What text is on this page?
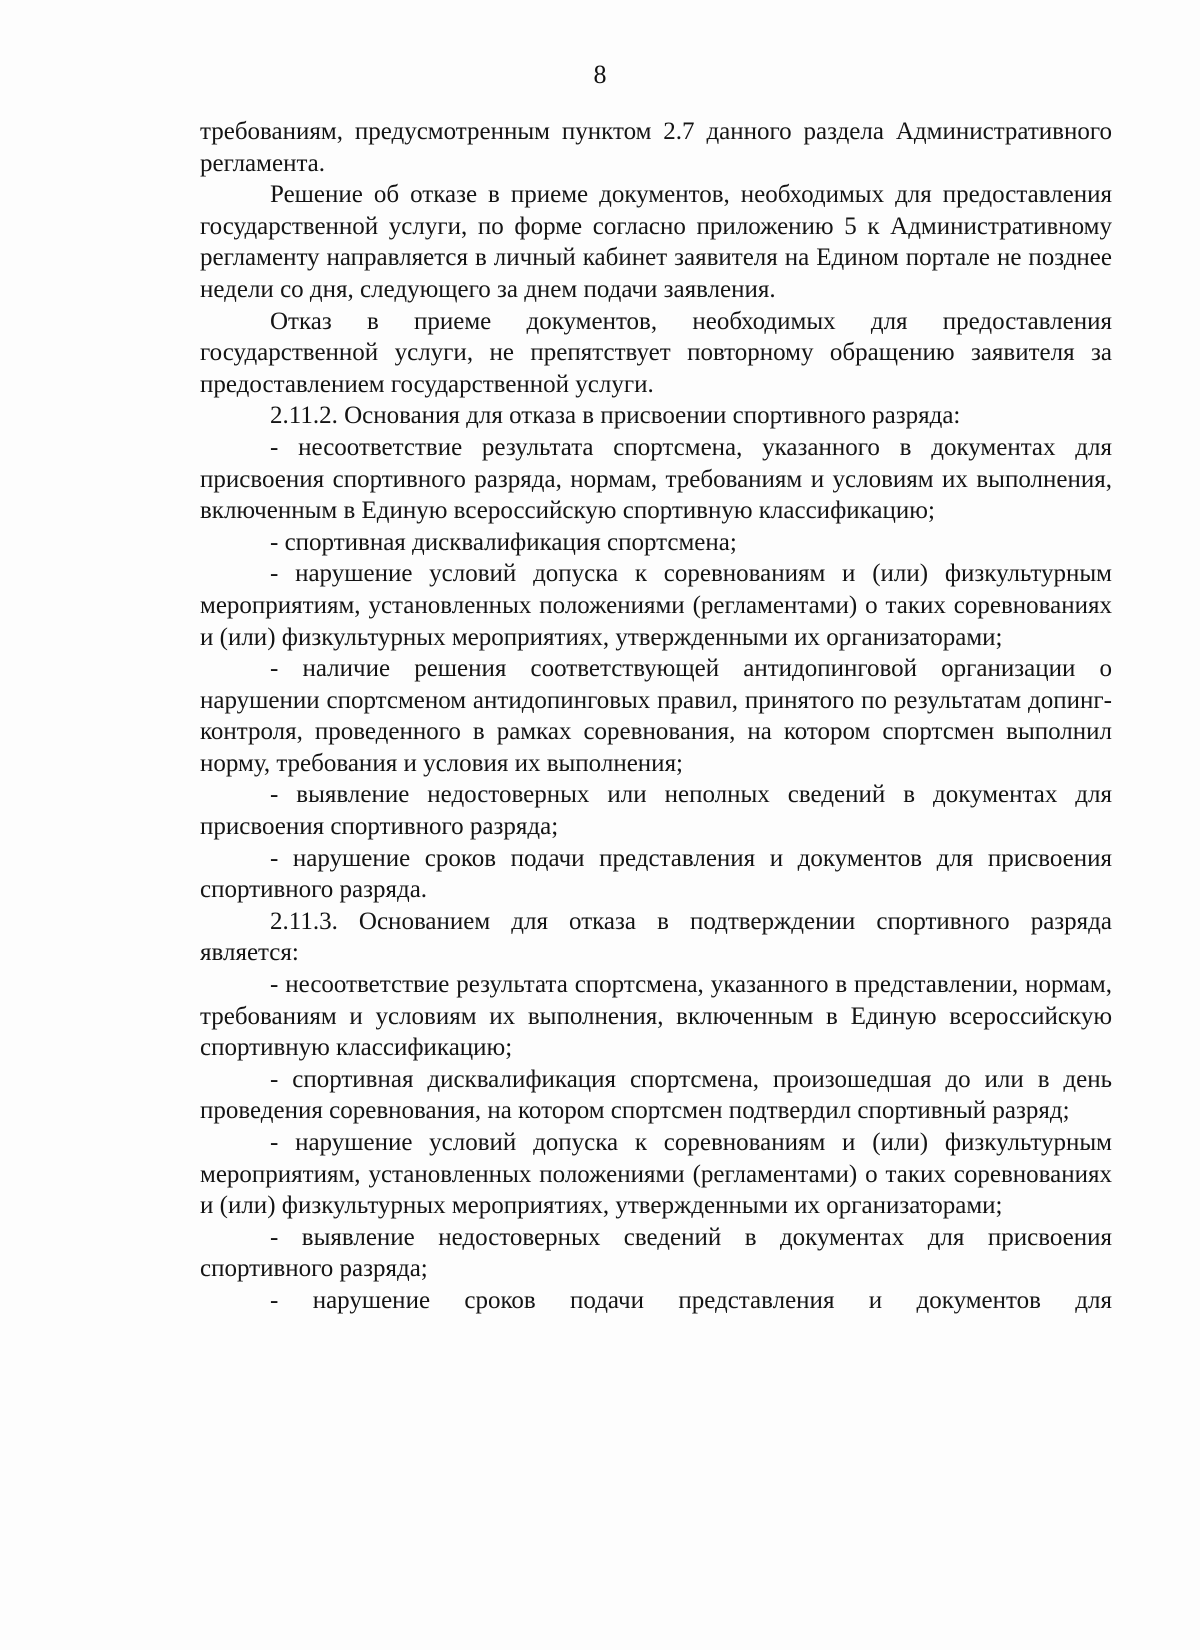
8

требованиям, предусмотренным пунктом 2.7 данного раздела Административного регламента.

Решение об отказе в приеме документов, необходимых для предоставления государственной услуги, по форме согласно приложению 5 к Административному регламенту направляется в личный кабинет заявителя на Едином портале не позднее недели со дня, следующего за днем подачи заявления.

Отказ в приеме документов, необходимых для предоставления государственной услуги, не препятствует повторному обращению заявителя за предоставлением государственной услуги.

2.11.2. Основания для отказа в присвоении спортивного разряда:

- несоответствие результата спортсмена, указанного в документах для присвоения спортивного разряда, нормам, требованиям и условиям их выполнения, включенным в Единую всероссийскую спортивную классификацию;

- спортивная дисквалификация спортсмена;

- нарушение условий допуска к соревнованиям и (или) физкультурным мероприятиям, установленных положениями (регламентами) о таких соревнованиях и (или) физкультурных мероприятиях, утвержденными их организаторами;

- наличие решения соответствующей антидопинговой организации о нарушении спортсменом антидопинговых правил, принятого по результатам допинг-контроля, проведенного в рамках соревнования, на котором спортсмен выполнил норму, требования и условия их выполнения;

- выявление недостоверных или неполных сведений в документах для присвоения спортивного разряда;

- нарушение сроков подачи представления и документов для присвоения спортивного разряда.

2.11.3. Основанием для отказа в подтверждении спортивного разряда является:

- несоответствие результата спортсмена, указанного в представлении, нормам, требованиям и условиям их выполнения, включенным в Единую всероссийскую спортивную классификацию;

- спортивная дисквалификация спортсмена, произошедшая до или в день проведения соревнования, на котором спортсмен подтвердил спортивный разряд;

- нарушение условий допуска к соревнованиям и (или) физкультурным мероприятиям, установленных положениями (регламентами) о таких соревнованиях и (или) физкультурных мероприятиях, утвержденными их организаторами;

- выявление недостоверных сведений в документах для присвоения спортивного разряда;

- нарушение сроков подачи представления и документов для
